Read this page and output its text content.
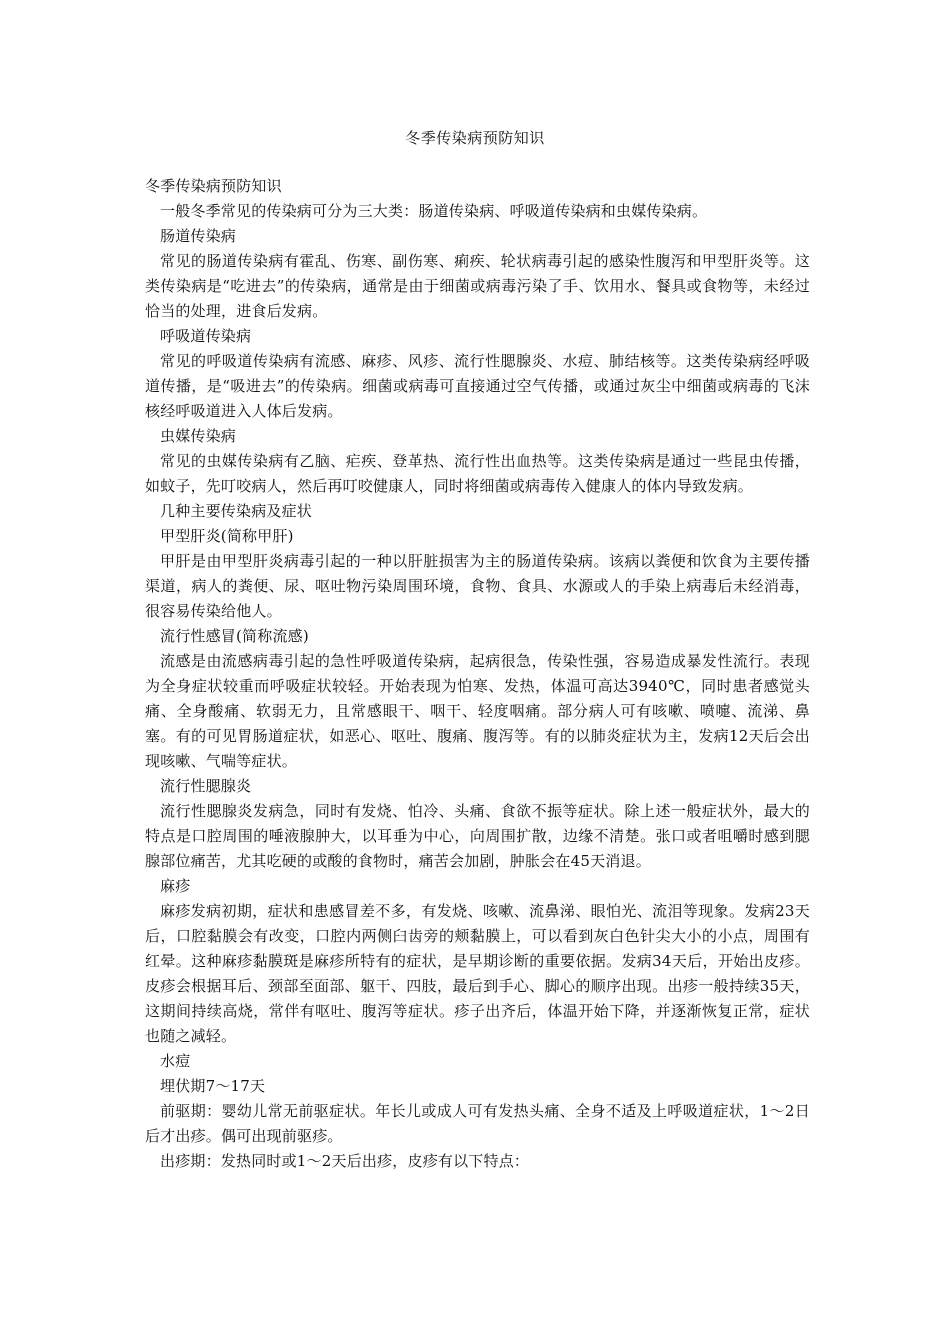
冬季传染病预防知识

冬季传染病预防知识

一般冬季常见的传染病可分为三大类：肠道传染病、呼吸道传染病和虫媒传染病。

肠道传染病

常见的肠道传染病有霍乱、伤寒、副伤寒、痢疾、轮状病毒引起的感染性腹泻和甲型肝炎等。这类传染病是“吃进去”的传染病，通常是由于细菌或病毒污染了手、饮用水、餐具或食物等，未经过恰当的处理，进食后发病。

呼吸道传染病

常见的呼吸道传染病有流感、麻疹、风疹、流行性腮腺炎、水痘、肺结核等。这类传染病经呼吸道传播，是“吸进去”的传染病。细菌或病毒可直接通过空气传播，或通过灰尘中细菌或病毒的飞沫核经呼吸道进入人体后发病。

虫媒传染病

常见的虫媒传染病有乙脑、疟疾、登革热、流行性出血热等。这类传染病是通过一些昆虫传播，如蚊子，先叮咬病人，然后再叮咬健康人，同时将细菌或病毒传入健康人的体内导致发病。

几种主要传染病及症状

甲型肝炎(简称甲肝)

甲肝是由甲型肝炎病毒引起的一种以肝脏损害为主的肠道传染病。该病以粪便和饮食为主要传播渠道，病人的粪便、尿、呕吐物污染周围环境，食物、食具、水源或人的手染上病毒后未经消毒，很容易传染给他人。

流行性感冒(简称流感)

流感是由流感病毒引起的急性呼吸道传染病，起病很急，传染性强，容易造成暴发性流行。表现为全身症状较重而呼吸症状较轻。开始表现为怕寒、发热，体温可高达3940℃，同时患者感觉头痛、全身酸痛、软弱无力，且常感眼干、咽干、轻度咽痛。部分病人可有咳嗽、喷嚏、流涕、鼻塞。有的可见胃肠道症状，如恶心、呕吐、腹痛、腹泻等。有的以肺炎症状为主，发病12天后会出现咳嗽、气喘等症状。

流行性腮腺炎

流行性腮腺炎发病急，同时有发烧、怕冷、头痛、食欲不振等症状。除上述一般症状外，最大的特点是口腔周围的唾液腺肿大，以耳垂为中心，向周围扩散，边缘不清楚。张口或者咀嚼时感到腮腺部位痛苦，尤其吃硬的或酸的食物时，痛苦会加剧，肿胀会在45天消退。

麻疹

麻疹发病初期，症状和患感冒差不多，有发烧、咳嗽、流鼻涕、眼怕光、流泪等现象。发病23天后，口腔黏膜会有改变，口腔内两侧臼齿旁的颊黏膜上，可以看到灰白色针尖大小的小点，周围有红晕。这种麻疹黏膜斑是麻疹所特有的症状，是早期诊断的重要依据。发病34天后，开始出皮疹。皮疹会根据耳后、颈部至面部、躯干、四肢，最后到手心、脚心的顺序出现。出疹一般持续35天，这期间持续高烧，常伴有呕吐、腹泻等症状。疹子出齐后，体温开始下降，并逐渐恢复正常，症状也随之减轻。

水痘

埋伏期7～17天

前驱期：婴幼儿常无前驱症状。年长儿或成人可有发热头痛、全身不适及上呼吸道症状，1～2日后才出疹。偶可出现前驱疹。

出疹期：发热同时或1～2天后出疹，皮疹有以下特点：
